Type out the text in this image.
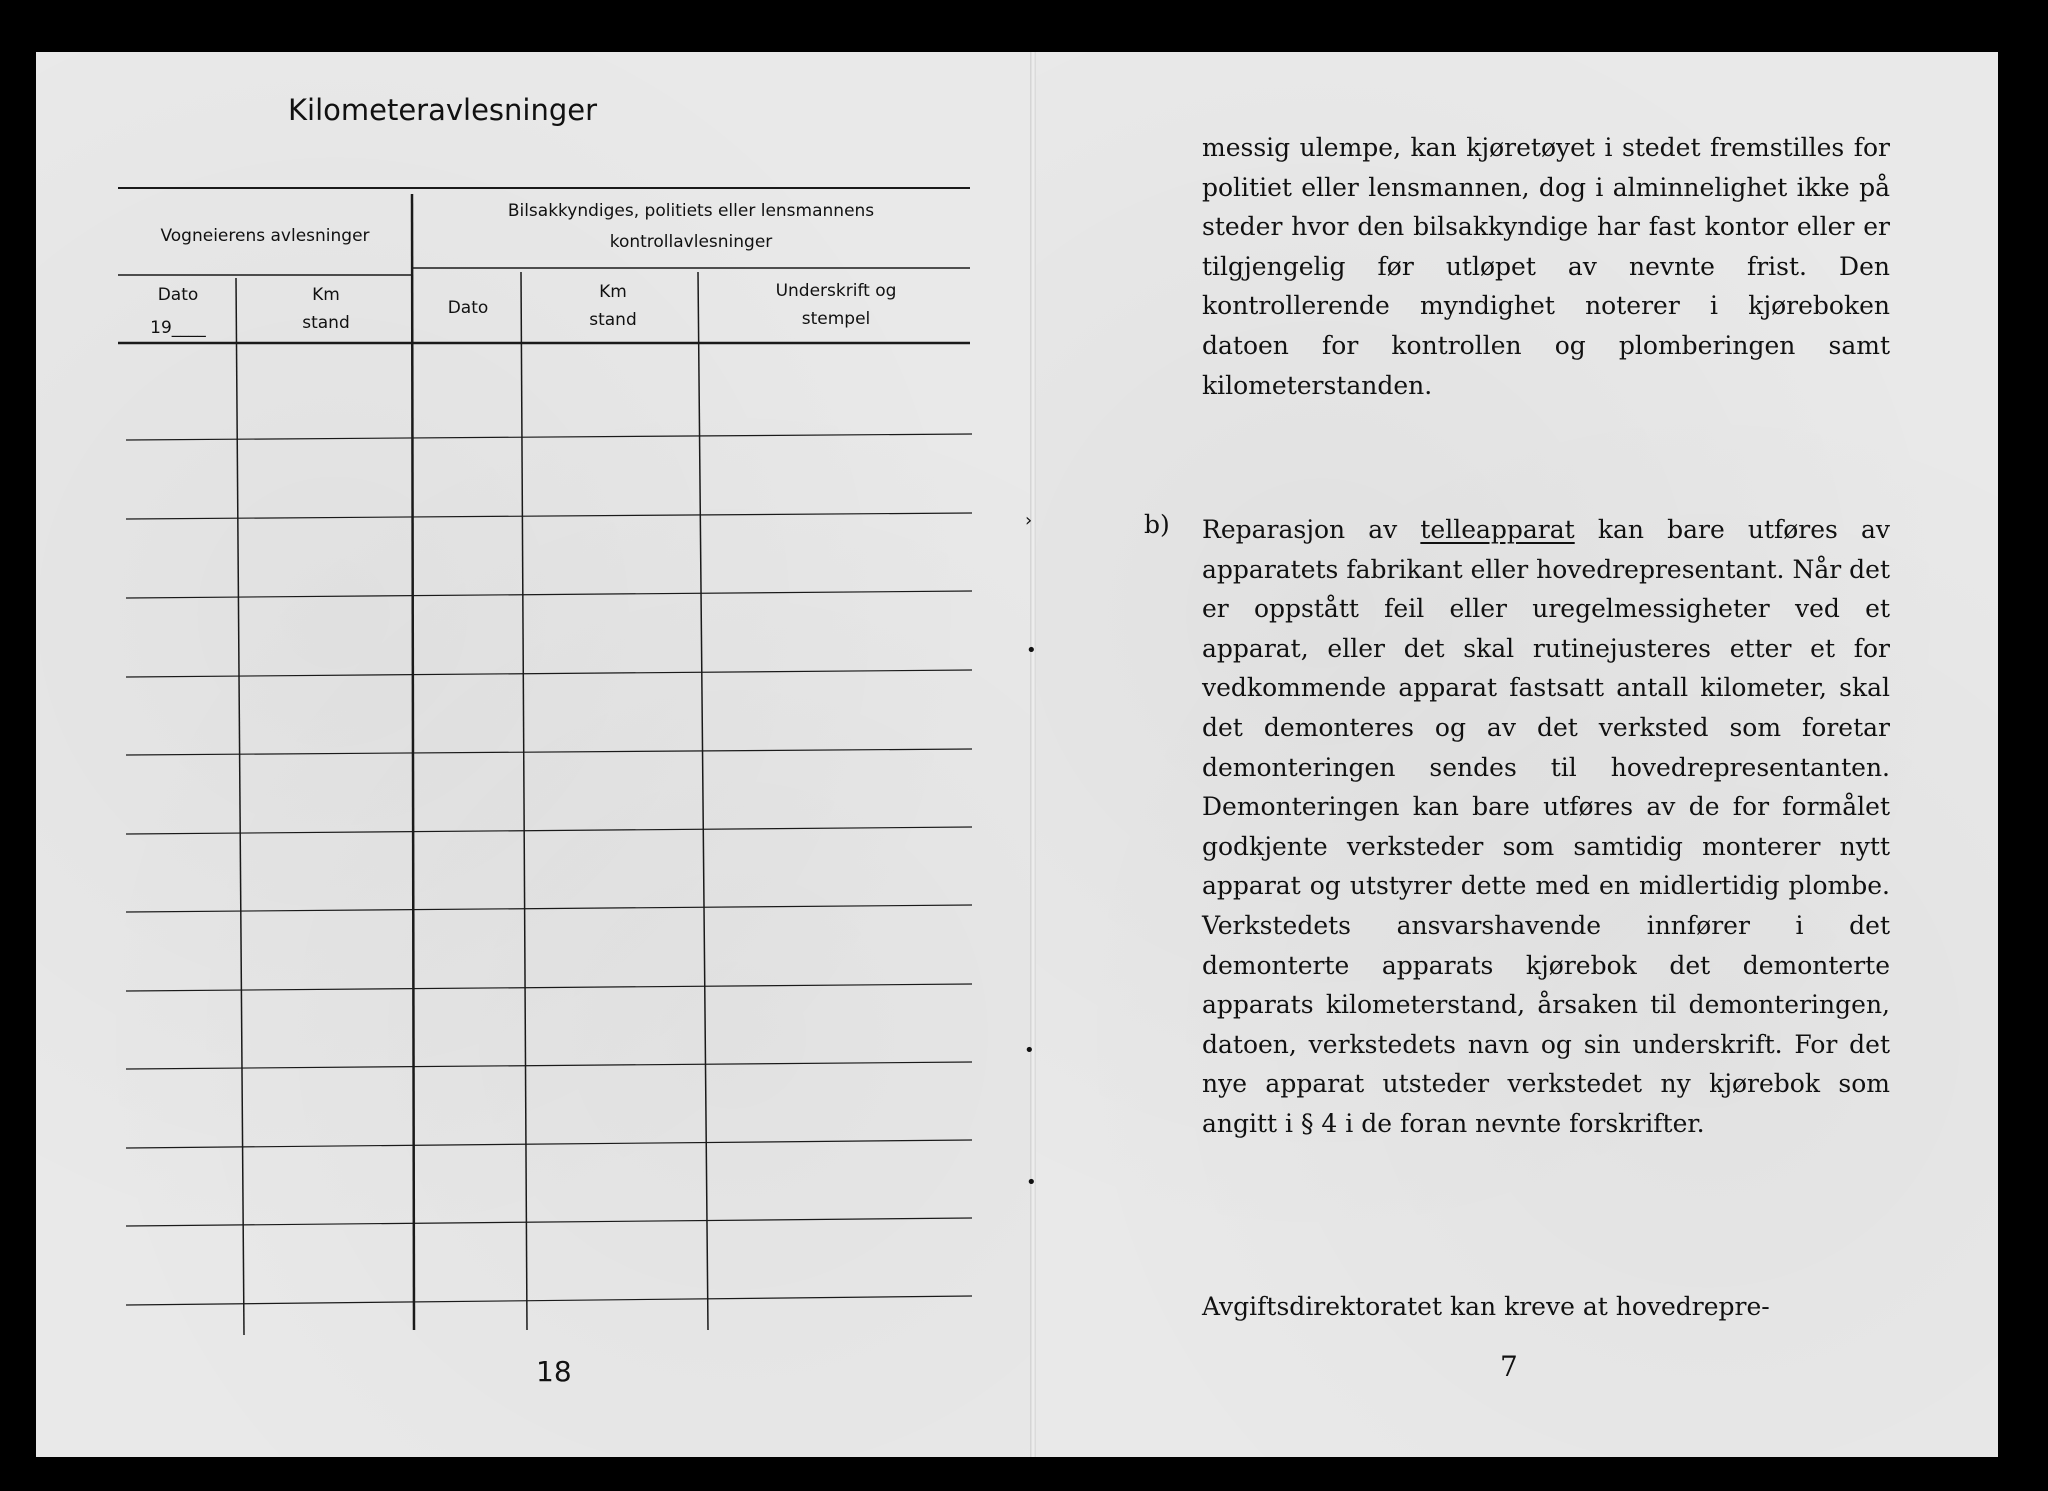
Kilometeravlesninger
Vogneierens avlesninger
Bilsakkyndiges, politiets eller lensmannens
kontrollavlesninger
Dato
19____
Km
stand
Dato
Km
stand
Underskrift og
stempel
18

messig ulempe, kan kjøretøyet i stedet fremstilles for politiet eller lensmannen, dog i alminnelighet ikke på steder hvor den bilsakkyndige har fast kontor eller er tilgjengelig før utløpet av nevnte frist. Den kontrollerende myndighet noterer i kjøreboken datoen for kontrollen og plomberingen samt kilometerstanden.

b) Reparasjon av telleapparat kan bare utføres av apparatets fabrikant eller hovedrepresentant. Når det er oppstått feil eller uregelmessigheter ved et apparat, eller det skal rutinejusteres etter et for vedkommende apparat fastsatt antall kilometer, skal det demonteres og av det verksted som foretar demonteringen sendes til hovedrepresentanten. Demonteringen kan bare utføres av de for formålet godkjente verksteder som samtidig monterer nytt apparat og utstyrer dette med en midlertidig plombe. Verkstedets ansvarshavende innfører i det demonterte apparats kjørebok det demonterte apparats kilometerstand, årsaken til demonteringen, datoen, verkstedets navn og sin underskrift. For det nye apparat utsteder verkstedet ny kjørebok som angitt i § 4 i de foran nevnte forskrifter.

Avgiftsdirektoratet kan kreve at hovedrepre-

7
›
•
•
•
